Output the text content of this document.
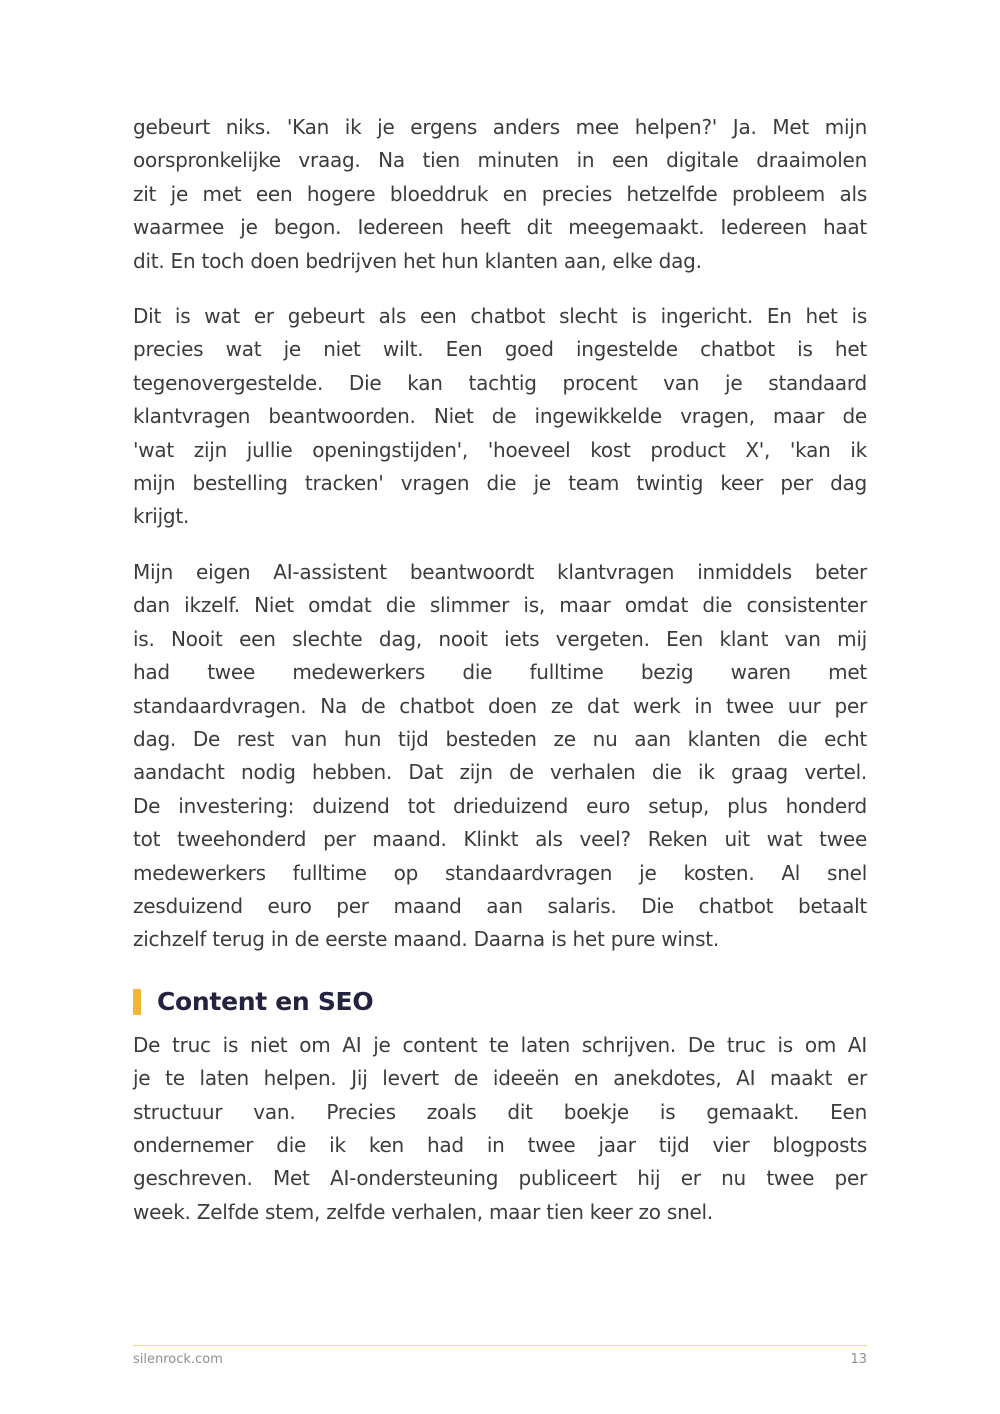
gebeurt niks. 'Kan ik je ergens anders mee helpen?' Ja. Met mijn
oorspronkelijke vraag. Na tien minuten in een digitale draaimolen
zit je met een hogere bloeddruk en precies hetzelfde probleem als
waarmee je begon. Iedereen heeft dit meegemaakt. Iedereen haat
dit. En toch doen bedrijven het hun klanten aan, elke dag.
Dit is wat er gebeurt als een chatbot slecht is ingericht. En het is
precies wat je niet wilt. Een goed ingestelde chatbot is het
tegenovergestelde. Die kan tachtig procent van je standaard
klantvragen beantwoorden. Niet de ingewikkelde vragen, maar de
'wat zijn jullie openingstijden', 'hoeveel kost product X', 'kan ik
mijn bestelling tracken' vragen die je team twintig keer per dag
krijgt.
Mijn eigen AI-assistent beantwoordt klantvragen inmiddels beter
dan ikzelf. Niet omdat die slimmer is, maar omdat die consistenter
is. Nooit een slechte dag, nooit iets vergeten. Een klant van mij
had twee medewerkers die fulltime bezig waren met
standaardvragen. Na de chatbot doen ze dat werk in twee uur per
dag. De rest van hun tijd besteden ze nu aan klanten die echt
aandacht nodig hebben. Dat zijn de verhalen die ik graag vertel.
De investering: duizend tot drieduizend euro setup, plus honderd
tot tweehonderd per maand. Klinkt als veel? Reken uit wat twee
medewerkers fulltime op standaardvragen je kosten. Al snel
zesduizend euro per maand aan salaris. Die chatbot betaalt
zichzelf terug in de eerste maand. Daarna is het pure winst.
Content en SEO
De truc is niet om AI je content te laten schrijven. De truc is om AI
je te laten helpen. Jij levert de ideeën en anekdotes, AI maakt er
structuur van. Precies zoals dit boekje is gemaakt. Een
ondernemer die ik ken had in twee jaar tijd vier blogposts
geschreven. Met AI-ondersteuning publiceert hij er nu twee per
week. Zelfde stem, zelfde verhalen, maar tien keer zo snel.
silenrock.com	13
